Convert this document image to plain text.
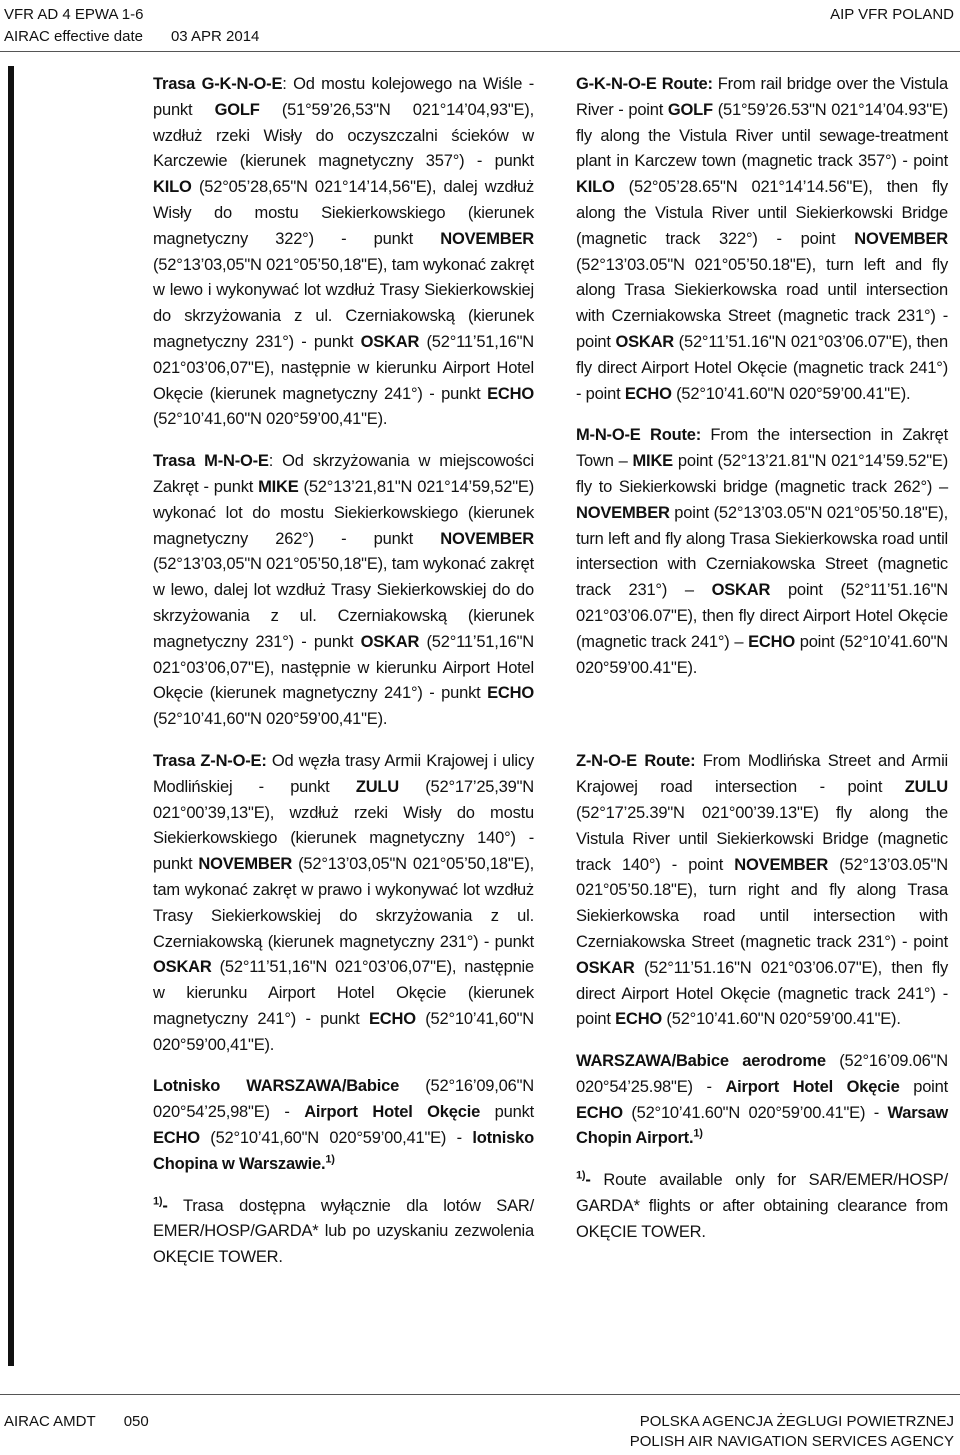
VFR AD 4 EPWA 1-6
AIRAC effective date 03 APR 2014
AIP VFR POLAND

Trasa G-K-N-O-E: Od mostu kolejowego na Wiśle - punkt GOLF (51°59’26,53"N 021°14’04,93"E), wzdłuż rzeki Wisły do oczyszczalni ścieków w Karczewie (kierunek magnetyczny 357°) - punkt KILO (52°05’28,65"N 021°14’14,56"E), dalej wzdłuż Wisły do mostu Siekierkowskiego (kierunek magnetyczny 322°) - punkt NOVEMBER (52°13’03,05"N 021°05’50,18"E), tam wykonać zakręt w lewo i wykonywać lot wzdłuż Trasy Siekierkowskiej do skrzyżowania z ul. Czerniakowską (kierunek magnetyczny 231°) - punkt OSKAR (52°11’51,16"N 021°03’06,07"E), następnie w kierunku Airport Hotel Okęcie (kierunek magnetyczny 241°) - punkt ECHO (52°10’41,60"N 020°59’00,41"E).

Trasa M-N-O-E: Od skrzyżowania w miejscowości Zakręt - punkt MIKE (52°13’21,81"N 021°14’59,52"E) wykonać lot do mostu Siekierkowskiego (kierunek magnetyczny 262°) - punkt NOVEMBER (52°13’03,05"N 021°05’50,18"E), tam wykonać zakręt w lewo, dalej lot wzdłuż Trasy Siekierkowskiej do do skrzyżowania z ul. Czerniakowską (kierunek magnetyczny 231°) - punkt OSKAR (52°11’51,16"N 021°03’06,07"E), następnie w kierunku Airport Hotel Okęcie (kierunek magnetyczny 241°) - punkt ECHO (52°10’41,60"N 020°59’00,41"E).

Trasa Z-N-O-E: Od węzła trasy Armii Krajowej i ulicy Modlińskiej - punkt ZULU (52°17’25,39"N 021°00’39,13"E), wzdłuż rzeki Wisły do mostu Siekierkowskiego (kierunek magnetyczny 140°) - punkt NOVEMBER (52°13’03,05"N 021°05’50,18"E), tam wykonać zakręt w prawo i wykonywać lot wzdłuż Trasy Siekierkowskiej do skrzyżowania z ul. Czerniakowską (kierunek magnetyczny 231°) - punkt OSKAR (52°11’51,16"N 021°03’06,07"E), następnie w kierunku Airport Hotel Okęcie (kierunek magnetyczny 241°) - punkt ECHO (52°10’41,60"N 020°59’00,41"E).

Lotnisko WARSZAWA/Babice (52°16’09,06"N 020°54’25,98"E) - Airport Hotel Okęcie punkt ECHO (52°10’41,60"N 020°59’00,41"E) - lotnisko Chopina w Warszawie.$^{1)}$

$^{1)}$- Trasa dostępna wyłącznie dla lotów SAR/ EMER/HOSP/GARDA* lub po uzyskaniu zezwolenia OKĘCIE TOWER.

G-K-N-O-E Route: From rail bridge over the Vistula River - point GOLF (51°59’26.53"N 021°14’04.93"E) fly along the Vistula River until sewage-treatment plant in Karczew town (magnetic track 357°) - point KILO (52°05’28.65"N 021°14’14.56"E), then fly along the Vistula River until Siekierkowski Bridge (magnetic track 322°) - point NOVEMBER (52°13’03.05"N 021°05’50.18"E), turn left and fly along Trasa Siekierkowska road until intersection with Czerniakowska Street (magnetic track 231°) - point OSKAR (52°11’51.16"N 021°03’06.07"E), then fly direct Airport Hotel Okęcie (magnetic track 241°) - point ECHO (52°10’41.60"N 020°59’00.41"E).

M-N-O-E Route: From the intersection in Zakręt Town – MIKE point (52°13’21.81"N 021°14’59.52"E) fly to Siekierkowski bridge (magnetic track 262°) – NOVEMBER point (52°13’03.05"N 021°05’50.18"E), turn left and fly along Trasa Siekierkowska road until intersection with Czerniakowska Street (magnetic track 231°) – OSKAR point (52°11’51.16"N 021°03’06.07"E), then fly direct Airport Hotel Okęcie (magnetic track 241°) – ECHO point (52°10’41.60"N 020°59’00.41"E).

Z-N-O-E Route: From Modlińska Street and Armii Krajowej road intersection - point ZULU (52°17’25.39"N 021°00’39.13"E) fly along the Vistula River until Siekierkowski Bridge (magnetic track 140°) - point NOVEMBER (52°13’03.05"N 021°05’50.18"E), turn right and fly along Trasa Siekierkowska road until intersection with Czerniakowska Street (magnetic track 231°) - point OSKAR (52°11’51.16"N 021°03’06.07"E), then fly direct Airport Hotel Okęcie (magnetic track 241°) - point ECHO (52°10’41.60"N 020°59’00.41"E).

WARSZAWA/Babice aerodrome (52°16’09.06"N 020°54’25.98"E) - Airport Hotel Okęcie point ECHO (52°10’41.60"N 020°59’00.41"E) - Warsaw Chopin Airport.$^{1)}$

$^{1)}$- Route available only for SAR/EMER/HOSP/ GARDA* flights or after obtaining clearance from OKĘCIE TOWER.

AIRAC AMDT 050	POLSKA AGENCJA ŻEGLUGI POWIETRZNEJ
POLISH AIR NAVIGATION SERVICES AGENCY
